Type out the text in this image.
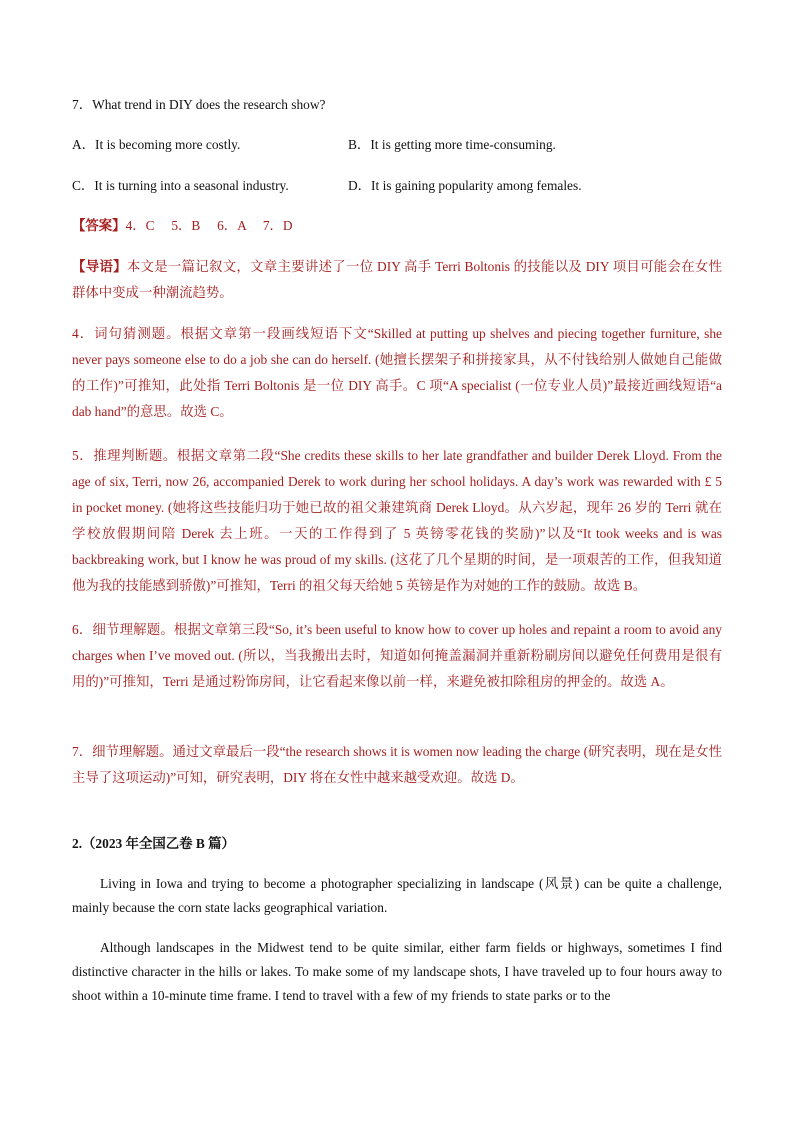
7．What trend in DIY does the research show?
A．It is becoming more costly.	B．It is getting more time-consuming.
C．It is turning into a seasonal industry.	D．It is gaining popularity among females.
【答案】4．C　 5．B　 6．A　 7．D
【导语】本文是一篇记叙文，文章主要讲述了一位 DIY 高手 Terri Boltonis 的技能以及 DIY 项目可能会在女性群体中变成一种潮流趋势。
4．词句猜测题。根据文章第一段画线短语下文“Skilled at putting up shelves and piecing together furniture, she never pays someone else to do a job she can do herself. (她擅长摆架子和拼接家具，从不付钱给别人做她自己能做的工作)”可推知，此处指 Terri Boltonis 是一位 DIY 高手。C 项“A specialist (一位专业人员)”最接近画线短语“a dab hand”的意思。故选 C。
5．推理判断题。根据文章第二段“She credits these skills to her late grandfather and builder Derek Lloyd. From the age of six, Terri, now 26, accompanied Derek to work during her school holidays. A day’s work was rewarded with £ 5 in pocket money. (她将这些技能归功于她已故的祖父兼建筑商 Derek Lloyd。从六岁起，现年 26 岁的 Terri 就在学校放假期间陪 Derek 去上班。一天的工作得到了 5 英镑零花钱的奖励)”以及“It took weeks and is was backbreaking work, but I know he was proud of my skills. (这花了几个星期的时间，是一项艰苦的工作，但我知道他为我的技能感到骄傲)”可推知，Terri 的祖父每天给她 5 英镑是作为对她的工作的鼓励。故选 B。
6．细节理解题。根据文章第三段“So, it’s been useful to know how to cover up holes and repaint a room to avoid any charges when I’ve moved out. (所以，当我搬出去时，知道如何掩盖漏洞并重新粉刷房间以避免任何费用是很有用的)”可推知，Terri 是通过粉饰房间，让它看起来像以前一样，来避免被扣除租房的押金的。故选 A。
7．细节理解题。通过文章最后一段“the research shows it is women now leading the charge (研究表明，现在是女性主导了这项运动)”可知，研究表明，DIY 将在女性中越来越受欢迎。故选 D。
2.（2023 年全国乙卷 B 篇）
Living in Iowa and trying to become a photographer specializing in landscape (风景) can be quite a challenge, mainly because the corn state lacks geographical variation.
Although landscapes in the Midwest tend to be quite similar, either farm fields or highways, sometimes I find distinctive character in the hills or lakes. To make some of my landscape shots, I have traveled up to four hours away to shoot within a 10-minute time frame. I tend to travel with a few of my friends to state parks or to the
